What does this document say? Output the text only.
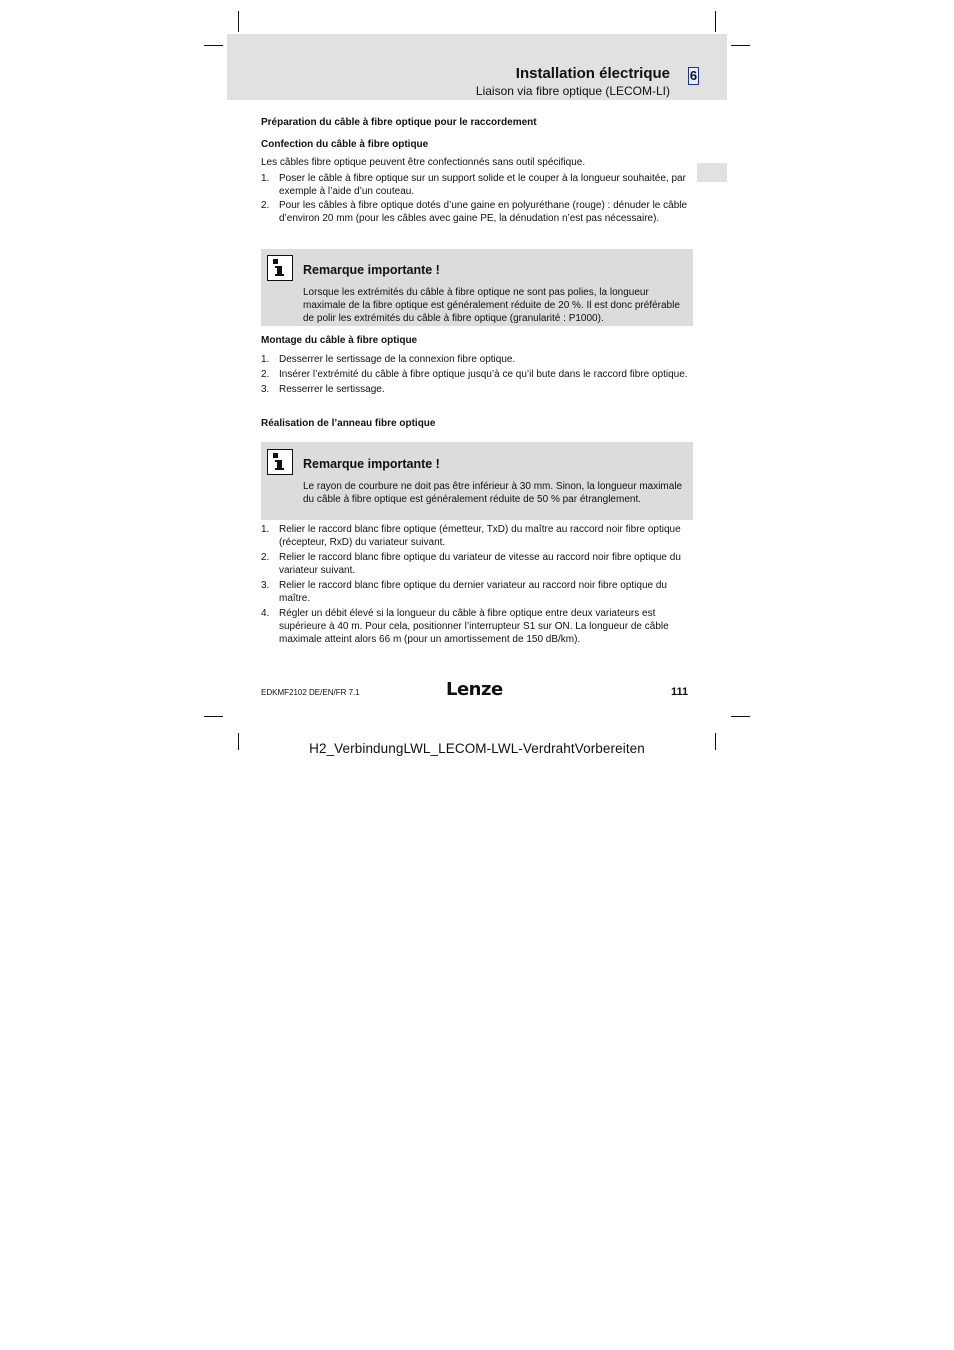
Installation électrique
Liaison via fibre optique (LECOM-LI)
6
Préparation du câble à fibre optique pour le raccordement
Confection du câble à fibre optique
Les câbles fibre optique peuvent être confectionnés sans outil spécifique.
1. Poser le câble à fibre optique sur un support solide et le couper à la longueur souhaitée, par exemple à l’aide d’un couteau.
2. Pour les câbles à fibre optique dotés d’une gaine en polyuréthane (rouge) : dénuder le câble d’environ 20 mm (pour les câbles avec gaine PE, la dénudation n’est pas nécessaire).
Remarque importante !
Lorsque les extrémités du câble à fibre optique ne sont pas polies, la longueur maximale de la fibre optique est généralement réduite de 20 %. Il est donc préférable de polir les extrémités du câble à fibre optique (granularité : P1000).
Montage du câble à fibre optique
1. Desserrer le sertissage de la connexion fibre optique.
2. Insérer l’extrémité du câble à fibre optique jusqu’à ce qu’il bute dans le raccord fibre optique.
3. Resserrer le sertissage.
Réalisation de l’anneau fibre optique
Remarque importante !
Le rayon de courbure ne doit pas être inférieur à 30 mm. Sinon, la longueur maximale du câble à fibre optique est généralement réduite de 50 % par étranglement.
1. Relier le raccord blanc fibre optique (émetteur, TxD) du maître au raccord noir fibre optique (récepteur, RxD) du variateur suivant.
2. Relier le raccord blanc fibre optique du variateur de vitesse au raccord noir fibre optique du variateur suivant.
3. Relier le raccord blanc fibre optique du dernier variateur au raccord noir fibre optique du maître.
4. Régler un débit élevé si la longueur du câble à fibre optique entre deux variateurs est supérieure à 40 m. Pour cela, positionner l’interrupteur S1 sur ON. La longueur de câble maximale atteint alors 66 m (pour un amortissement de 150 dB/km).
EDKMF2102 DE/EN/FR 7.1	Lenze	111
H2_VerbindungLWL_LECOM-LWL-VerdrahtVorbereiten
